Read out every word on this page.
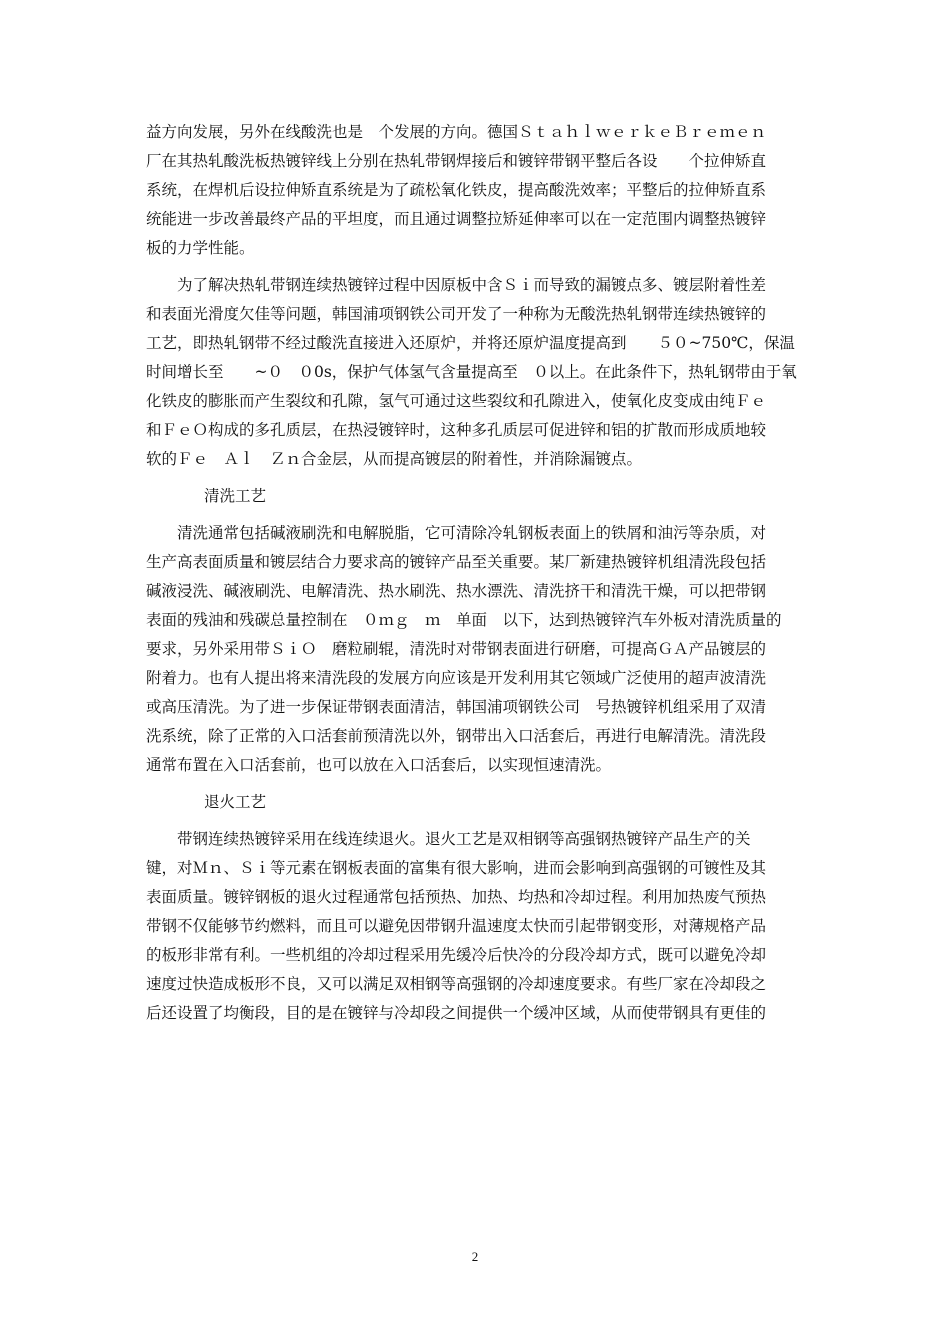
益方向发展，另外在线酸洗也是　个发展的方向。德国ＳｔａｈｌｗｅｒｋｅＢｒｅｍｅｎ
厂在其热轧酸洗板热镀锌线上分别在热轧带钢焊接后和镀锌带钢平整后各设　　个拉伸矫直
系统，在焊机后设拉伸矫直系统是为了疏松氧化铁皮，提高酸洗效率；平整后的拉伸矫直系
统能进一步改善最终产品的平坦度，而且通过调整拉矫延伸率可以在一定范围内调整热镀锌
板的力学性能。
为了解决热轧带钢连续热镀锌过程中因原板中含Ｓｉ而导致的漏镀点多、镀层附着性差
和表面光滑度欠佳等问题，韩国浦项钢铁公司开发了一种称为无酸洗热轧钢带连续热镀锌的
工艺，即热轧钢带不经过酸洗直接进入还原炉，并将还原炉温度提高到　　５０~750℃，保温
时间增长至　　~０　０0s，保护气体氢气含量提高至　０以上。在此条件下，热轧钢带由于氧
化铁皮的膨胀而产生裂纹和孔隙，氢气可通过这些裂纹和孔隙进入，使氧化皮变成由纯Ｆｅ
和ＦｅＯ构成的多孔质层，在热浸镀锌时，这种多孔质层可促进锌和铝的扩散而形成质地较
软的Ｆｅ　Ａｌ　Ｚｎ合金层，从而提高镀层的附着性，并消除漏镀点。
清洗工艺
清洗通常包括碱液刷洗和电解脱脂，它可清除冷轧钢板表面上的铁屑和油污等杂质，对
生产高表面质量和镀层结合力要求高的镀锌产品至关重要。某厂新建热镀锌机组清洗段包括
碱液浸洗、碱液刷洗、电解清洗、热水刷洗、热水漂洗、清洗挤干和清洗干燥，可以把带钢
表面的残油和残碳总量控制在　０ｍｇ　ｍ　单面　以下，达到热镀锌汽车外板对清洗质量的
要求，另外采用带ＳｉＯ　磨粒刷辊，清洗时对带钢表面进行研磨，可提高ＧＡ产品镀层的
附着力。也有人提出将来清洗段的发展方向应该是开发利用其它领域广泛使用的超声波清洗
或高压清洗。为了进一步保证带钢表面清洁，韩国浦项钢铁公司　号热镀锌机组采用了双清
洗系统，除了正常的入口活套前预清洗以外，钢带出入口活套后，再进行电解清洗。清洗段
通常布置在入口活套前，也可以放在入口活套后，以实现恒速清洗。
退火工艺
带钢连续热镀锌采用在线连续退火。退火工艺是双相钢等高强钢热镀锌产品生产的关
键，对Ｍｎ、Ｓｉ等元素在钢板表面的富集有很大影响，进而会影响到高强钢的可镀性及其
表面质量。镀锌钢板的退火过程通常包括预热、加热、均热和冷却过程。利用加热废气预热
带钢不仅能够节约燃料，而且可以避免因带钢升温速度太快而引起带钢变形，对薄规格产品
的板形非常有利。一些机组的冷却过程采用先缓冷后快冷的分段冷却方式，既可以避免冷却
速度过快造成板形不良，又可以满足双相钢等高强钢的冷却速度要求。有些厂家在冷却段之
后还设置了均衡段，目的是在镀锌与冷却段之间提供一个缓冲区域，从而使带钢具有更佳的
2
